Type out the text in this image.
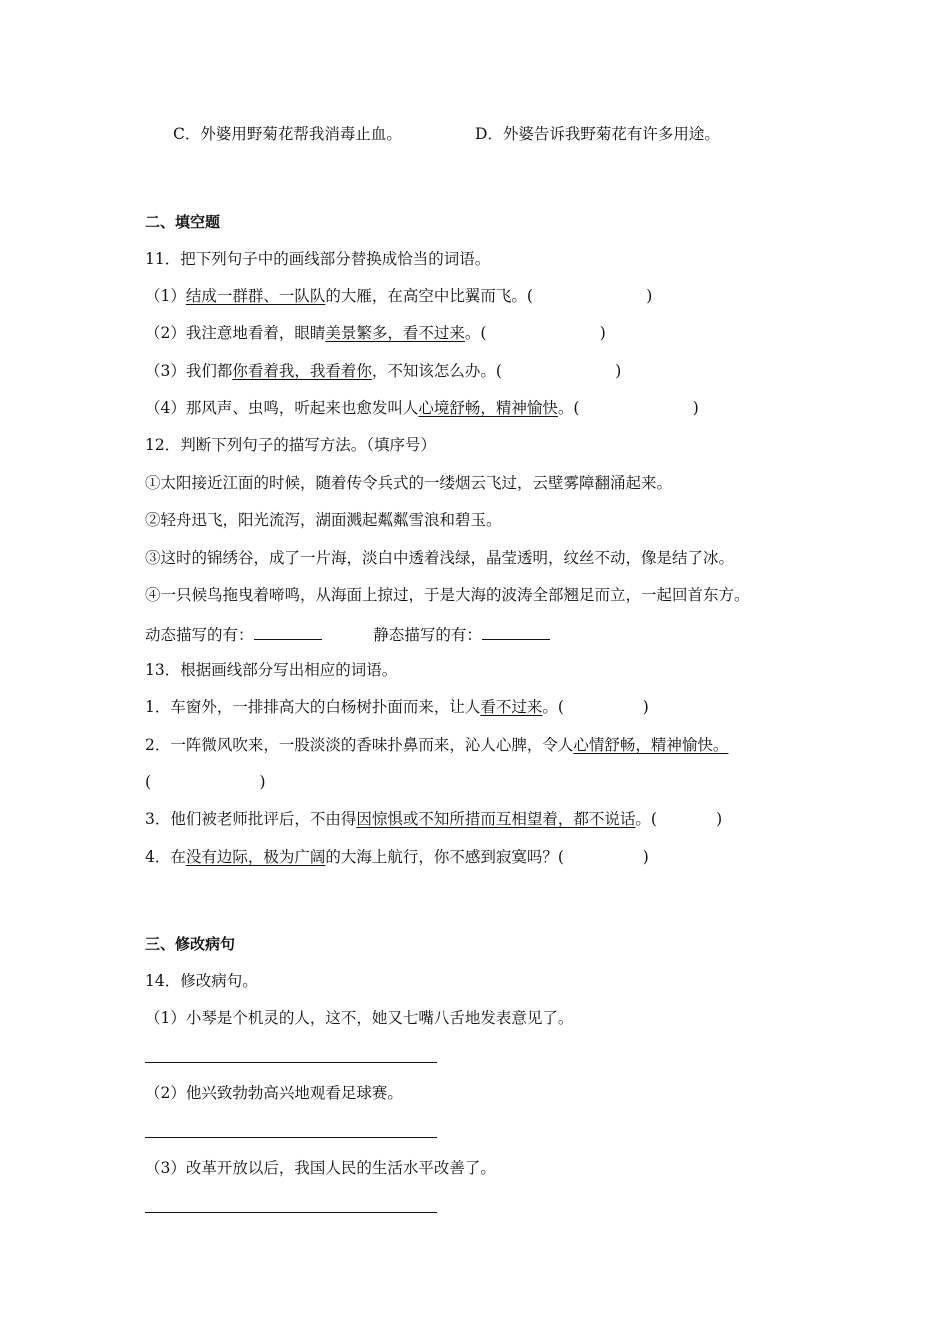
C．外婆用野菊花帮我消毒止血。	D．外婆告诉我野菊花有许多用途。
二、填空题
11．把下列句子中的画线部分替换成恰当的词语。
（1）结成一群群、一队队的大雁，在高空中比翼而飞。(	)
（2）我注意地看着，眼睛美景繁多，看不过来。(	)
（3）我们都你看着我，我看着你，不知该怎么办。(	)
（4）那风声、虫鸣，听起来也愈发叫人心境舒畅，精神愉快。(	)
12．判断下列句子的描写方法。（填序号）
①太阳接近江面的时候，随着传令兵式的一缕烟云飞过，云壁雾障翻涌起来。
②轻舟迅飞，阳光流泻，湖面溅起粼粼雪浪和碧玉。
③这时的锦绣谷，成了一片海，淡白中透着浅绿，晶莹透明，纹丝不动，像是结了冰。
④一只候鸟拖曳着啼鸣，从海面上掠过，于是大海的波涛全部翘足而立，一起回首东方。
动态描写的有：	静态描写的有：
13．根据画线部分写出相应的词语。
1．车窗外，一排排高大的白杨树扑面而来，让人看不过来。(	)
2．一阵微风吹来，一股淡淡的香味扑鼻而来，沁人心脾，令人心情舒畅，精神愉快。
(	)
3．他们被老师批评后，不由得因惊惧或不知所措而互相望着，都不说话。(	)
4．在没有边际，极为广阔的大海上航行，你不感到寂寞吗？(	)
三、修改病句
14．修改病句。
（1）小琴是个机灵的人，这不，她又七嘴八舌地发表意见了。
（2）他兴致勃勃高兴地观看足球赛。
（3）改革开放以后，我国人民的生活水平改善了。
